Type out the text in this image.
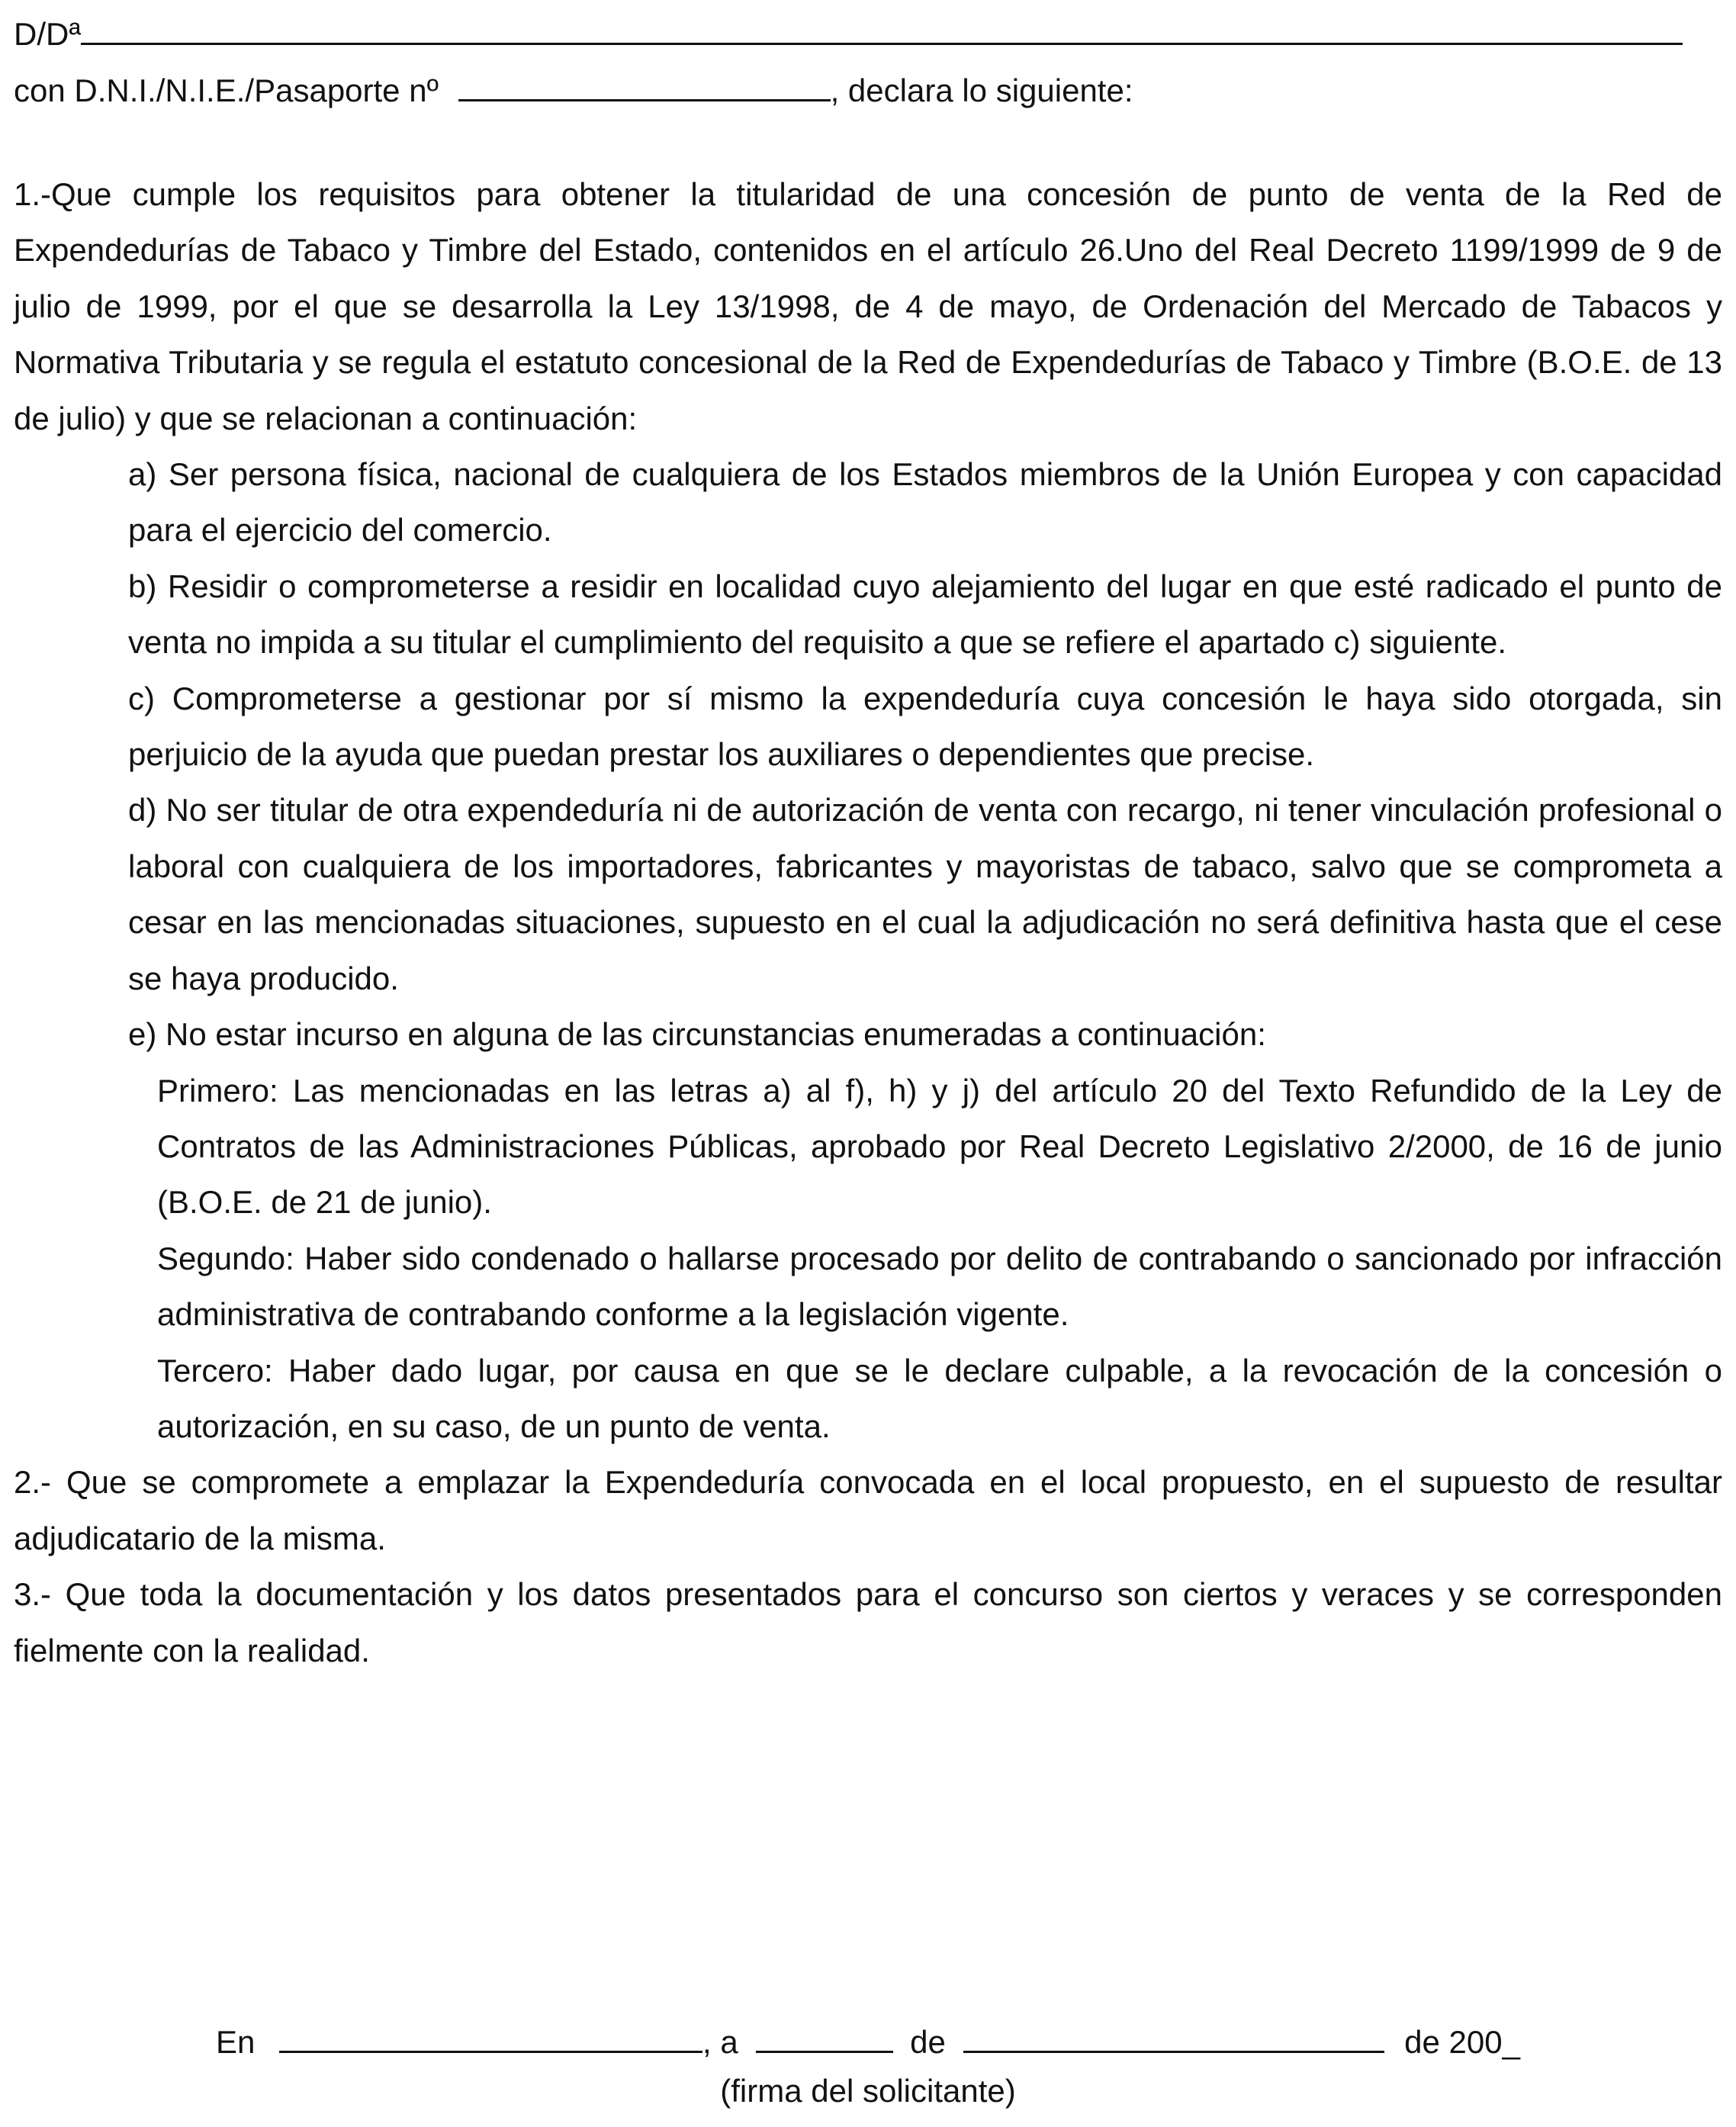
D/Dª
con D.N.I./N.I.E./Pasaporte nº	, declara lo siguiente:

1.-Que cumple los requisitos para obtener la titularidad de una concesión de punto de venta de la Red de Expendedurías de Tabaco y Timbre del Estado, contenidos en el artículo 26.Uno del Real Decreto 1199/1999 de 9 de julio de 1999, por el que se desarrolla la Ley 13/1998, de 4 de mayo, de Ordenación del Mercado de Tabacos y Normativa Tributaria y se regula el estatuto concesional de la Red de Expendedurías de Tabaco y Timbre (B.O.E. de 13 de julio) y que se relacionan a continuación:

a) Ser persona física, nacional de cualquiera de los Estados miembros de la Unión Europea y con capacidad para el ejercicio del comercio.

b) Residir o comprometerse a residir en localidad cuyo alejamiento del lugar en que esté radicado el punto de venta no impida a su titular el cumplimiento del requisito a que se refiere el apartado c) siguiente.

c) Comprometerse a gestionar por sí mismo la expendeduría cuya concesión le haya sido otorgada, sin perjuicio de la ayuda que puedan prestar los auxiliares o dependientes que precise.

d) No ser titular de otra expendeduría ni de autorización de venta con recargo, ni tener vinculación profesional o laboral con cualquiera de los importadores, fabricantes y mayoristas de tabaco, salvo que se comprometa a cesar en las mencionadas situaciones, supuesto en el cual la adjudicación no será definitiva hasta que el cese se haya producido.

e) No estar incurso en alguna de las circunstancias enumeradas a continuación:

Primero: Las mencionadas en las letras a) al f), h) y j) del artículo 20 del Texto Refundido de la Ley de Contratos de las Administraciones Públicas, aprobado por Real Decreto Legislativo 2/2000, de 16 de junio (B.O.E. de 21 de junio).

Segundo: Haber sido condenado o hallarse procesado por delito de contrabando o sancionado por infracción administrativa de contrabando conforme a la legislación vigente.

Tercero: Haber dado lugar, por causa en que se le declare culpable, a la revocación de la concesión o autorización, en su caso, de un punto de venta.

2.- Que se compromete a emplazar la Expendeduría convocada en el local propuesto, en el supuesto de resultar adjudicatario de la misma.

3.- Que toda la documentación y los datos presentados para el concurso son ciertos y veraces y se corresponden fielmente con la realidad.

En	, a	de	de 200_
(firma del solicitante)
